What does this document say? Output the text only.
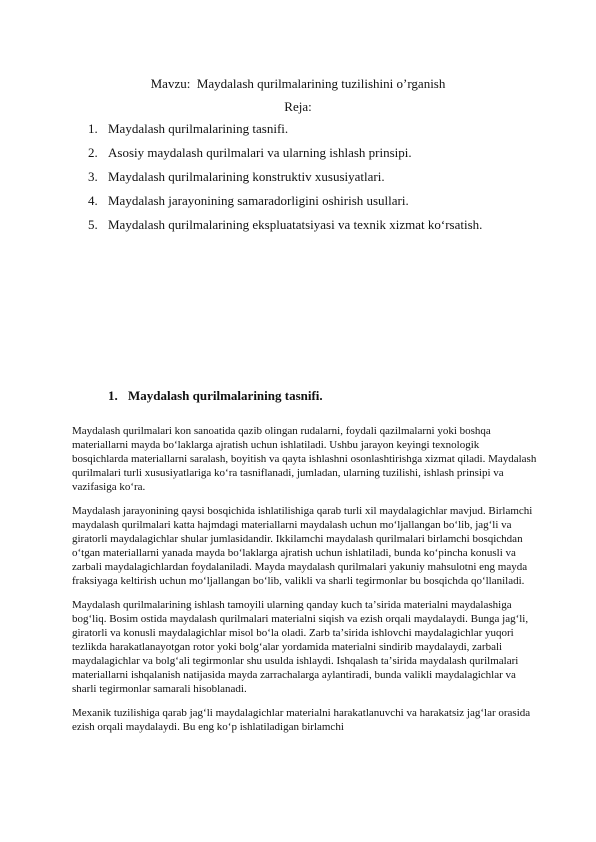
Mavzu:  Maydalash qurilmalarining tuzilishini o’rganish
Reja:
1. Maydalash qurilmalarining tasnifi.
2. Asosiy maydalash qurilmalari va ularning ishlash prinsipi.
3. Maydalash qurilmalarining konstruktiv xususiyatlari.
4. Maydalash jarayonining samaradorligini oshirish usullari.
5. Maydalash qurilmalarining ekspluatatsiyasi va texnik xizmat koʻrsatish.
1. Maydalash qurilmalarining tasnifi.

Maydalash qurilmalari kon sanoatida qazib olingan rudalarni, foydali qazilmalarni yoki boshqa materiallarni mayda boʻlaklarga ajratish uchun ishlatiladi. Ushbu jarayon keyingi texnologik bosqichlarda materiallarni saralash, boyitish va qayta ishlashni osonlashtirishga xizmat qiladi. Maydalash qurilmalari turli xususiyatlariga koʻra tasniflanadi, jumladan, ularning tuzilishi, ishlash prinsipi va vazifasiga koʻra.

Maydalash jarayonining qaysi bosqichida ishlatilishiga qarab turli xil maydalagichlar mavjud. Birlamchi maydalash qurilmalari katta hajmdagi materiallarni maydalash uchun moʻljallangan boʻlib, jagʻli va giratorli maydalagichlar shular jumlasidandir. Ikkilamchi maydalash qurilmalari birlamchi bosqichdan oʻtgan materiallarni yanada mayda boʻlaklarga ajratish uchun ishlatiladi, bunda koʻpincha konusli va zarbali maydalagichlardan foydalaniladi. Mayda maydalash qurilmalari yakuniy mahsulotni eng mayda fraksiyaga keltirish uchun moʻljallangan boʻlib, valikli va sharli tegirmonlar bu bosqichda qoʻllaniladi.

Maydalash qurilmalarining ishlash tamoyili ularning qanday kuch taʼsirida materialni maydalashiga bogʻliq. Bosim ostida maydalash qurilmalari materialni siqish va ezish orqali maydalaydi. Bunga jagʻli, giratorli va konusli maydalagichlar misol boʻla oladi. Zarb taʼsirida ishlovchi maydalagichlar yuqori tezlikda harakatlanayotgan rotor yoki bolgʻalar yordamida materialni sindirib maydalaydi, zarbali maydalagichlar va bolgʻali tegirmonlar shu usulda ishlaydi. Ishqalash taʼsirida maydalash qurilmalari materiallarni ishqalanish natijasida mayda zarrachalarga aylantiradi, bunda valikli maydalagichlar va sharli tegirmonlar samarali hisoblanadi.

Mexanik tuzilishiga qarab jagʻli maydalagichlar materialni harakatlanuvchi va harakatsiz jagʻlar orasida ezish orqali maydalaydi. Bu eng koʻp ishlatiladigan birlamchi
